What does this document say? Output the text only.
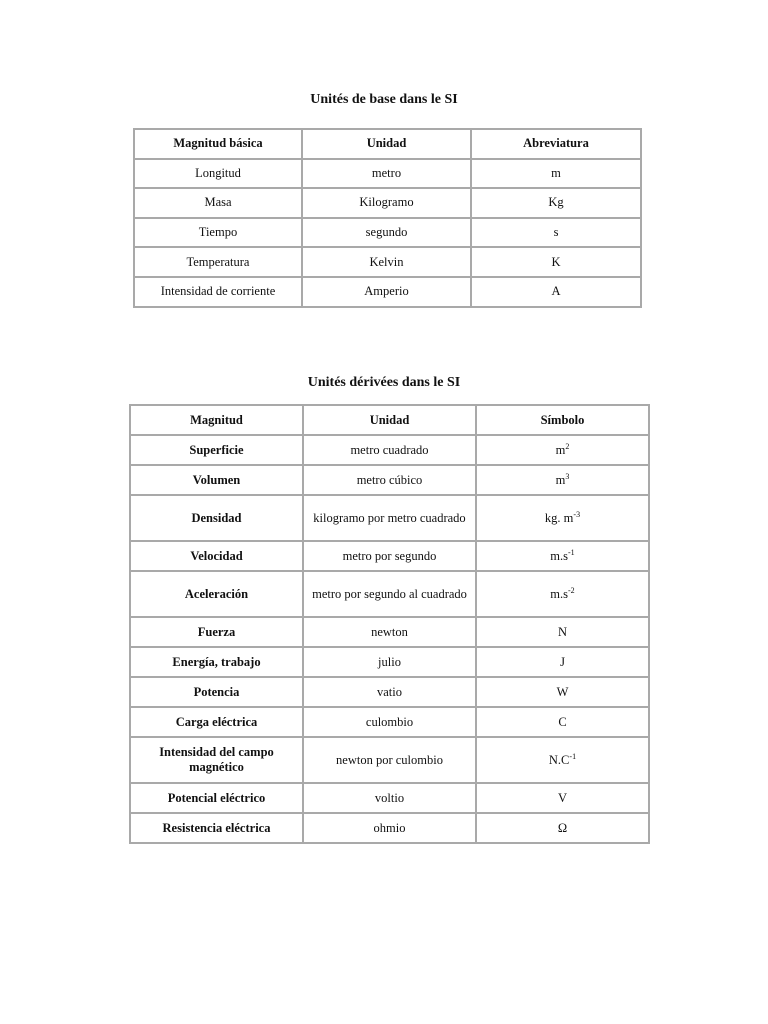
Unités de base dans le SI
Magnitud básica	Unidad	Abreviatura
Longitud	metro	m
Masa	Kilogramo	Kg
Tiempo	segundo	s
Temperatura	Kelvin	K
Intensidad de corriente	Amperio	A
Unités dérivées dans le SI
Magnitud	Unidad	Símbolo
Superficie	metro cuadrado	$m^2$
Volumen	metro cúbico	$m^3$
Densidad	kilogramo por metro cuadrado	kg. $m^{-3}$
Velocidad	metro por segundo	$m.s^{-1}$
Aceleración	metro por segundo al cuadrado	$m.s^{-2}$
Fuerza	newton	N
Energía, trabajo	julio	J
Potencia	vatio	W
Carga eléctrica	culombio	C
Intensidad del campo magnético	newton por culombio	$N.C^{-1}$
Potencial eléctrico	voltio	V
Resistencia eléctrica	ohmio	Ω
